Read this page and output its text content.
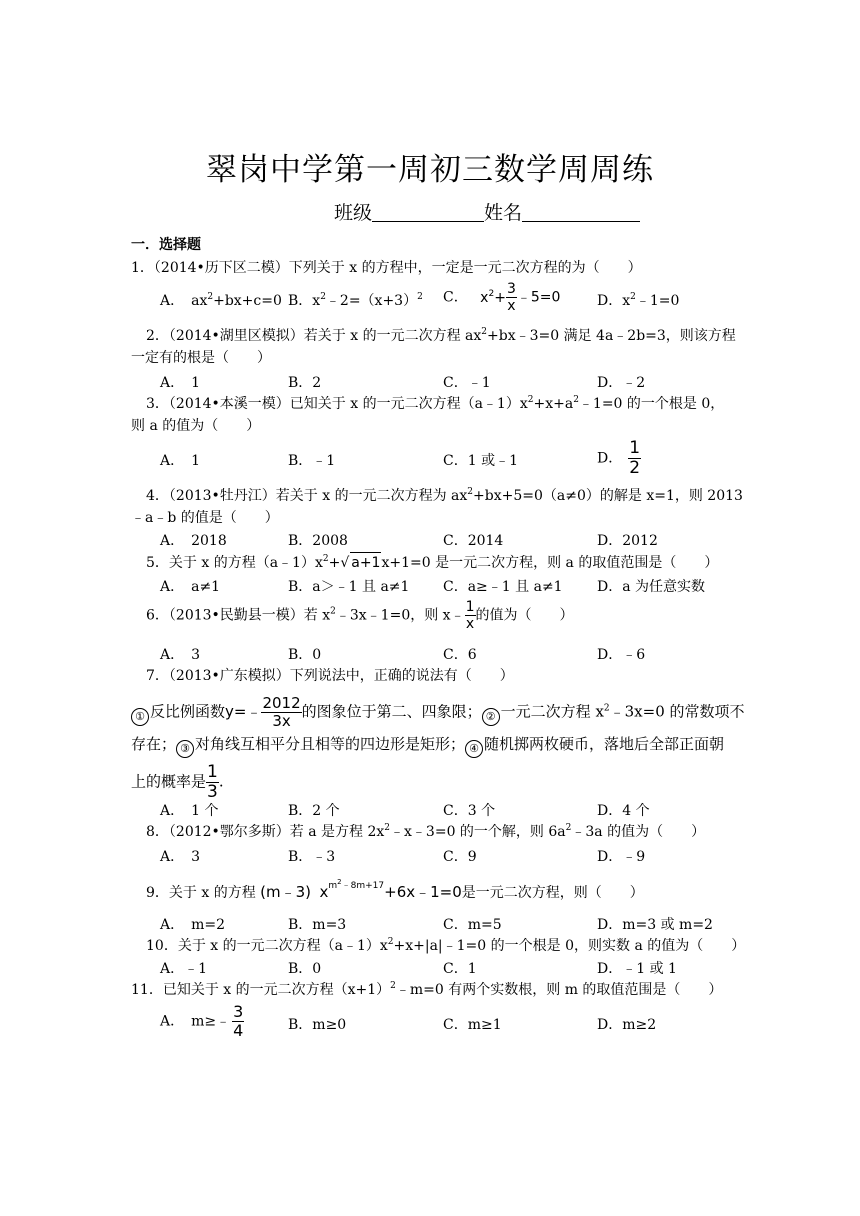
翠岗中学第一周初三数学周周练
班级	姓名
一．选择题
1．（2014•历下区二模）下列关于 x 的方程中，一定是一元二次方程的为（　　）
A．　$ax^2+bx+c=0$ B．$x^2﹣2=(x+3)^2$ C． $x^2+ \frac{3}{x}$ ﹣5=0	D．$x^2﹣1=0$
2．（2014•湖里区模拟）若关于 x 的一元二次方程 $ax^2+bx﹣3=0$ 满足 4a﹣2b=3，则该方程
一定有的根是（　　）
A．　1	B．2	C．﹣1	D．﹣2
3．（2014•本溪一模）已知关于 x 的一元二次方程$(a﹣1)x^2+x+a^2﹣1=0$ 的一个根是 0，
则 a 的值为（　　）
A．　1	B．﹣1	C．1 或﹣1	D． $\frac{1}{2}$
4．（2013•牡丹江）若关于 x 的一元二次方程为 $ax^2+bx+5=0(a\ne 0)$的解是 x=1，则 2013
﹣a﹣b 的值是（　　）
A．　2018	B．2008	C．2014	D．2012
5．关于 x 的方程$(a﹣1)x^2+√$ a+1x+1=0 是一元二次方程，则 a 的取值范围是（　　）
A．　a≠1	B．a＞﹣1 且 a≠1 C．a≥﹣1 且 a≠1 D．a 为任意实数
6．（2013•民勤县一模）若 $x^2﹣3x﹣1=0$，则 x﹣ $\frac{1}{x}$ 的值为（　　）
A．　3	B．0	C．6	D．﹣6
7．（2013•广东模拟）下列说法中，正确的说法有（　　）
① 反比例函数y=﹣ $\frac{2012}{3x}$ 的图象位于第二、四象限； ② 一元二次方程 $x^2﹣3x=0$ 的常数项不
存在； ③ 对角线互相平分且相等的四边形是矩形； ④ 随机掷两枚硬币，落地后全部正面朝
上的概率是 $\frac{1}{3}$ .
A．　1 个	B．2 个	C．3 个	D．4 个
8．（2012•鄂尔多斯）若 a 是方程 $2x^2﹣x﹣3=0$ 的一个解，则 $6a^2﹣3a$ 的值为（　　）
A．　3	B．﹣3	C．9	D．﹣9
9．关于 x 的方程 (m﹣3) $x^{m^2﹣8m+17}+6x﹣1=0$是一元二次方程，则（　　）
A．　m=2	B．m=3	C．m=5	D．m=3 或 m=2
10．关于 x 的一元二次方程$(a﹣1)x^2+x+|a|﹣1=0$ 的一个根是 0，则实数 a 的值为（　　）
A．﹣1	B．0	C．1	D．﹣1 或 1
11．已知关于 x 的一元二次方程$(x+1)^2﹣m=0$ 有两个实数根，则 m 的取值范围是（　　）
A．　m≥﹣ $\frac{3}{4}$	B．m≥0	C．m≥1	D．m≥2
